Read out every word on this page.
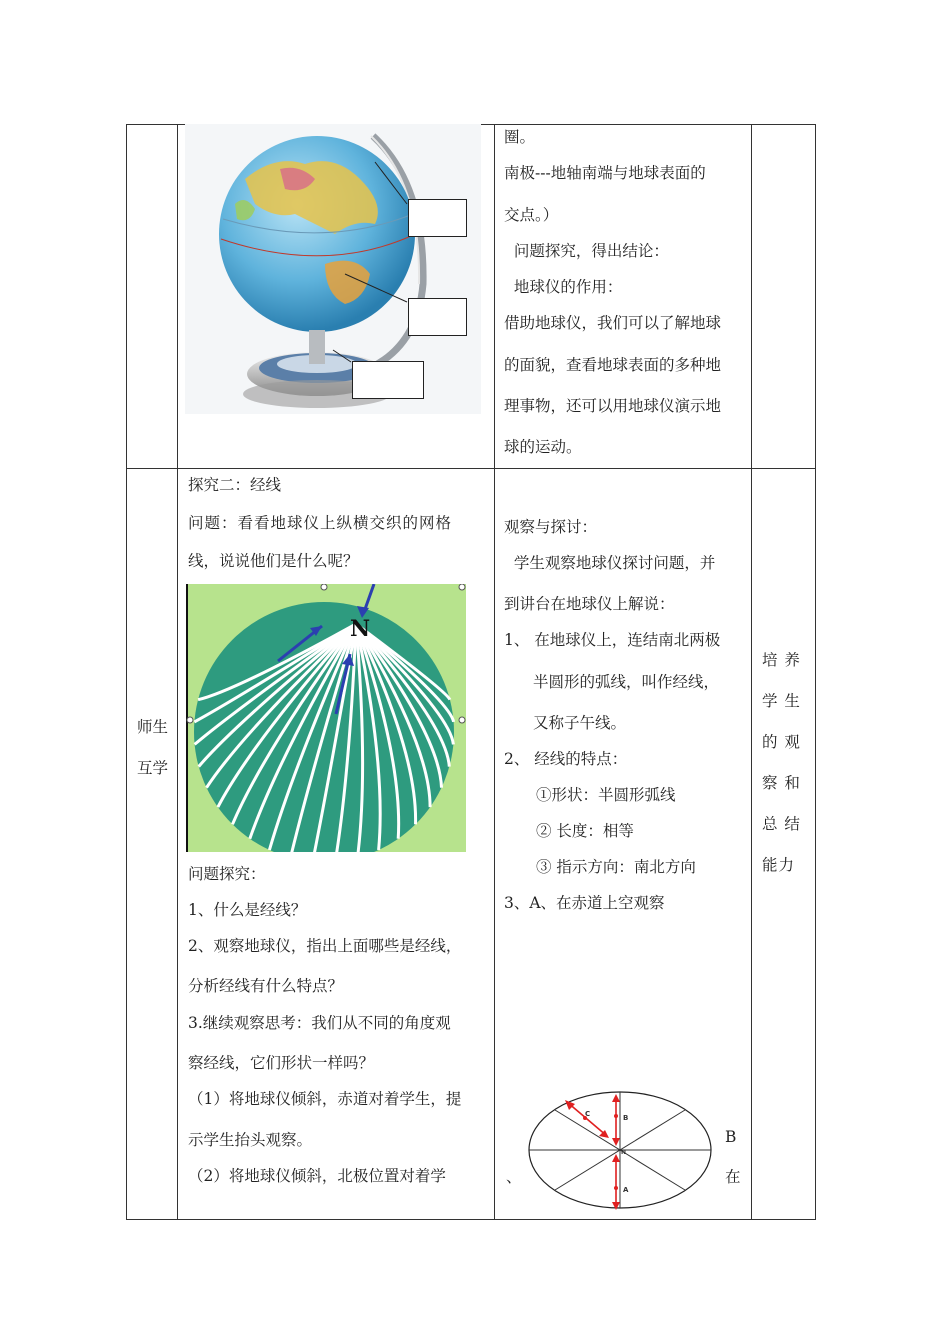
圈。
南极---地轴南端与地球表面的
交点。）
问题探究，得出结论：
地球仪的作用：
借助地球仪，我们可以了解地球
的面貌，查看地球表面的多种地
理事物，还可以用地球仪演示地
球的运动。
师生
互学
探究二：经线
问题：看看地球仪上纵横交织的网格
线，说说他们是什么呢？
N
问题探究：
1、什么是经线？
2、观察地球仪，指出上面哪些是经线，
分析经线有什么特点？
3.继续观察思考：我们从不同的角度观
察经线，它们形状一样吗？
（1）将地球仪倾斜，赤道对着学生，提
示学生抬头观察。
（2）将地球仪倾斜，北极位置对着学
观察与探讨：
学生观察地球仪探讨问题，并
到讲台在地球仪上解说：
1、 在地球仪上，连结南北两极
半圆形的弧线，叫作经线，
又称子午线。
2、 经线的特点：
①形状：半圆形弧线
② 长度：相等
③ 指示方向：南北方向
3、A、在赤道上空观察
B
C
N
A
、
B
在
培 养 学 生 的 观 察 和 总 结 能力
